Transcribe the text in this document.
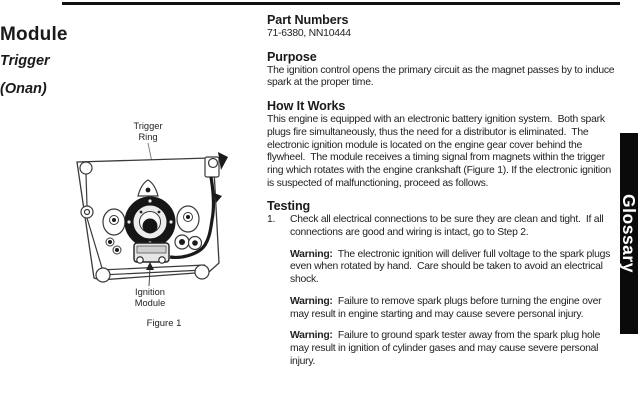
Module
Trigger
(Onan)
Trigger Ring
Ignition Module
Figure 1
Part Numbers

71-6380, NN10444

Purpose

The ignition control opens the primary circuit as the magnet passes by to induce spark at the proper time.

How It Works

This engine is equipped with an electronic battery ignition system.  Both spark plugs fire simultaneously, thus the need for a distributor is eliminated.  The electronic ignition module is located on the engine gear cover behind the flywheel.  The module receives a timing signal from magnets within the trigger ring which rotates with the engine crankshaft (Figure 1). If the electronic ignition is suspected of malfunctioning, proceed as follows.

Testing
1.	Check all electrical connections to be sure they are clean and tight.  If all connections are good and wiring is intact, go to Step 2.

Warning:  The electronic ignition will deliver full voltage to the spark plugs even when rotated by hand.  Care should be taken to avoid an electrical shock.

Warning:  Failure to remove spark plugs before turning the engine over may result in engine starting and may cause severe personal injury.

Warning:  Failure to ground spark tester away from the spark plug hole may result in ignition of cylinder gases and may cause severe personal injury.

Glossary
